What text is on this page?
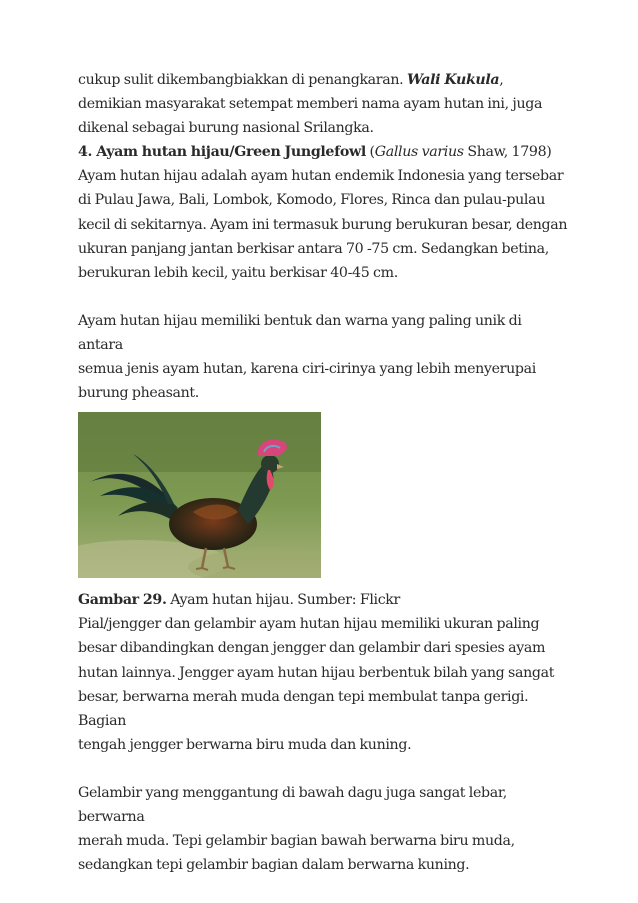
cukup sulit dikembangbiakkan di penangkaran. Wali Kukula,

demikian masyarakat setempat memberi nama ayam hutan ini, juga

dikenal sebagai burung nasional Srilangka.

4. Ayam hutan hijau/Green Junglefowl (Gallus varius Shaw, 1798)

Ayam hutan hijau adalah ayam hutan endemik Indonesia yang tersebar

di Pulau Jawa, Bali, Lombok, Komodo, Flores, Rinca dan pulau-pulau

kecil di sekitarnya. Ayam ini termasuk burung berukuran besar, dengan

ukuran panjang jantan berkisar antara 70 -75 cm. Sedangkan betina,

berukuran lebih kecil, yaitu berkisar 40-45 cm.

Ayam hutan hijau memiliki bentuk dan warna yang paling unik di antara

semua jenis ayam hutan, karena ciri-cirinya yang lebih menyerupai

burung pheasant.

Gambar 29. Ayam hutan hijau. Sumber: Flickr

Pial/jengger dan gelambir ayam hutan hijau memiliki ukuran paling

besar dibandingkan dengan jengger dan gelambir dari spesies ayam

hutan lainnya. Jengger ayam hutan hijau berbentuk bilah yang sangat

besar, berwarna merah muda dengan tepi membulat tanpa gerigi. Bagian

tengah jengger berwarna biru muda dan kuning.

Gelambir yang menggantung di bawah dagu juga sangat lebar, berwarna

merah muda. Tepi gelambir bagian bawah berwarna biru muda,

sedangkan tepi gelambir bagian dalam berwarna kuning.
